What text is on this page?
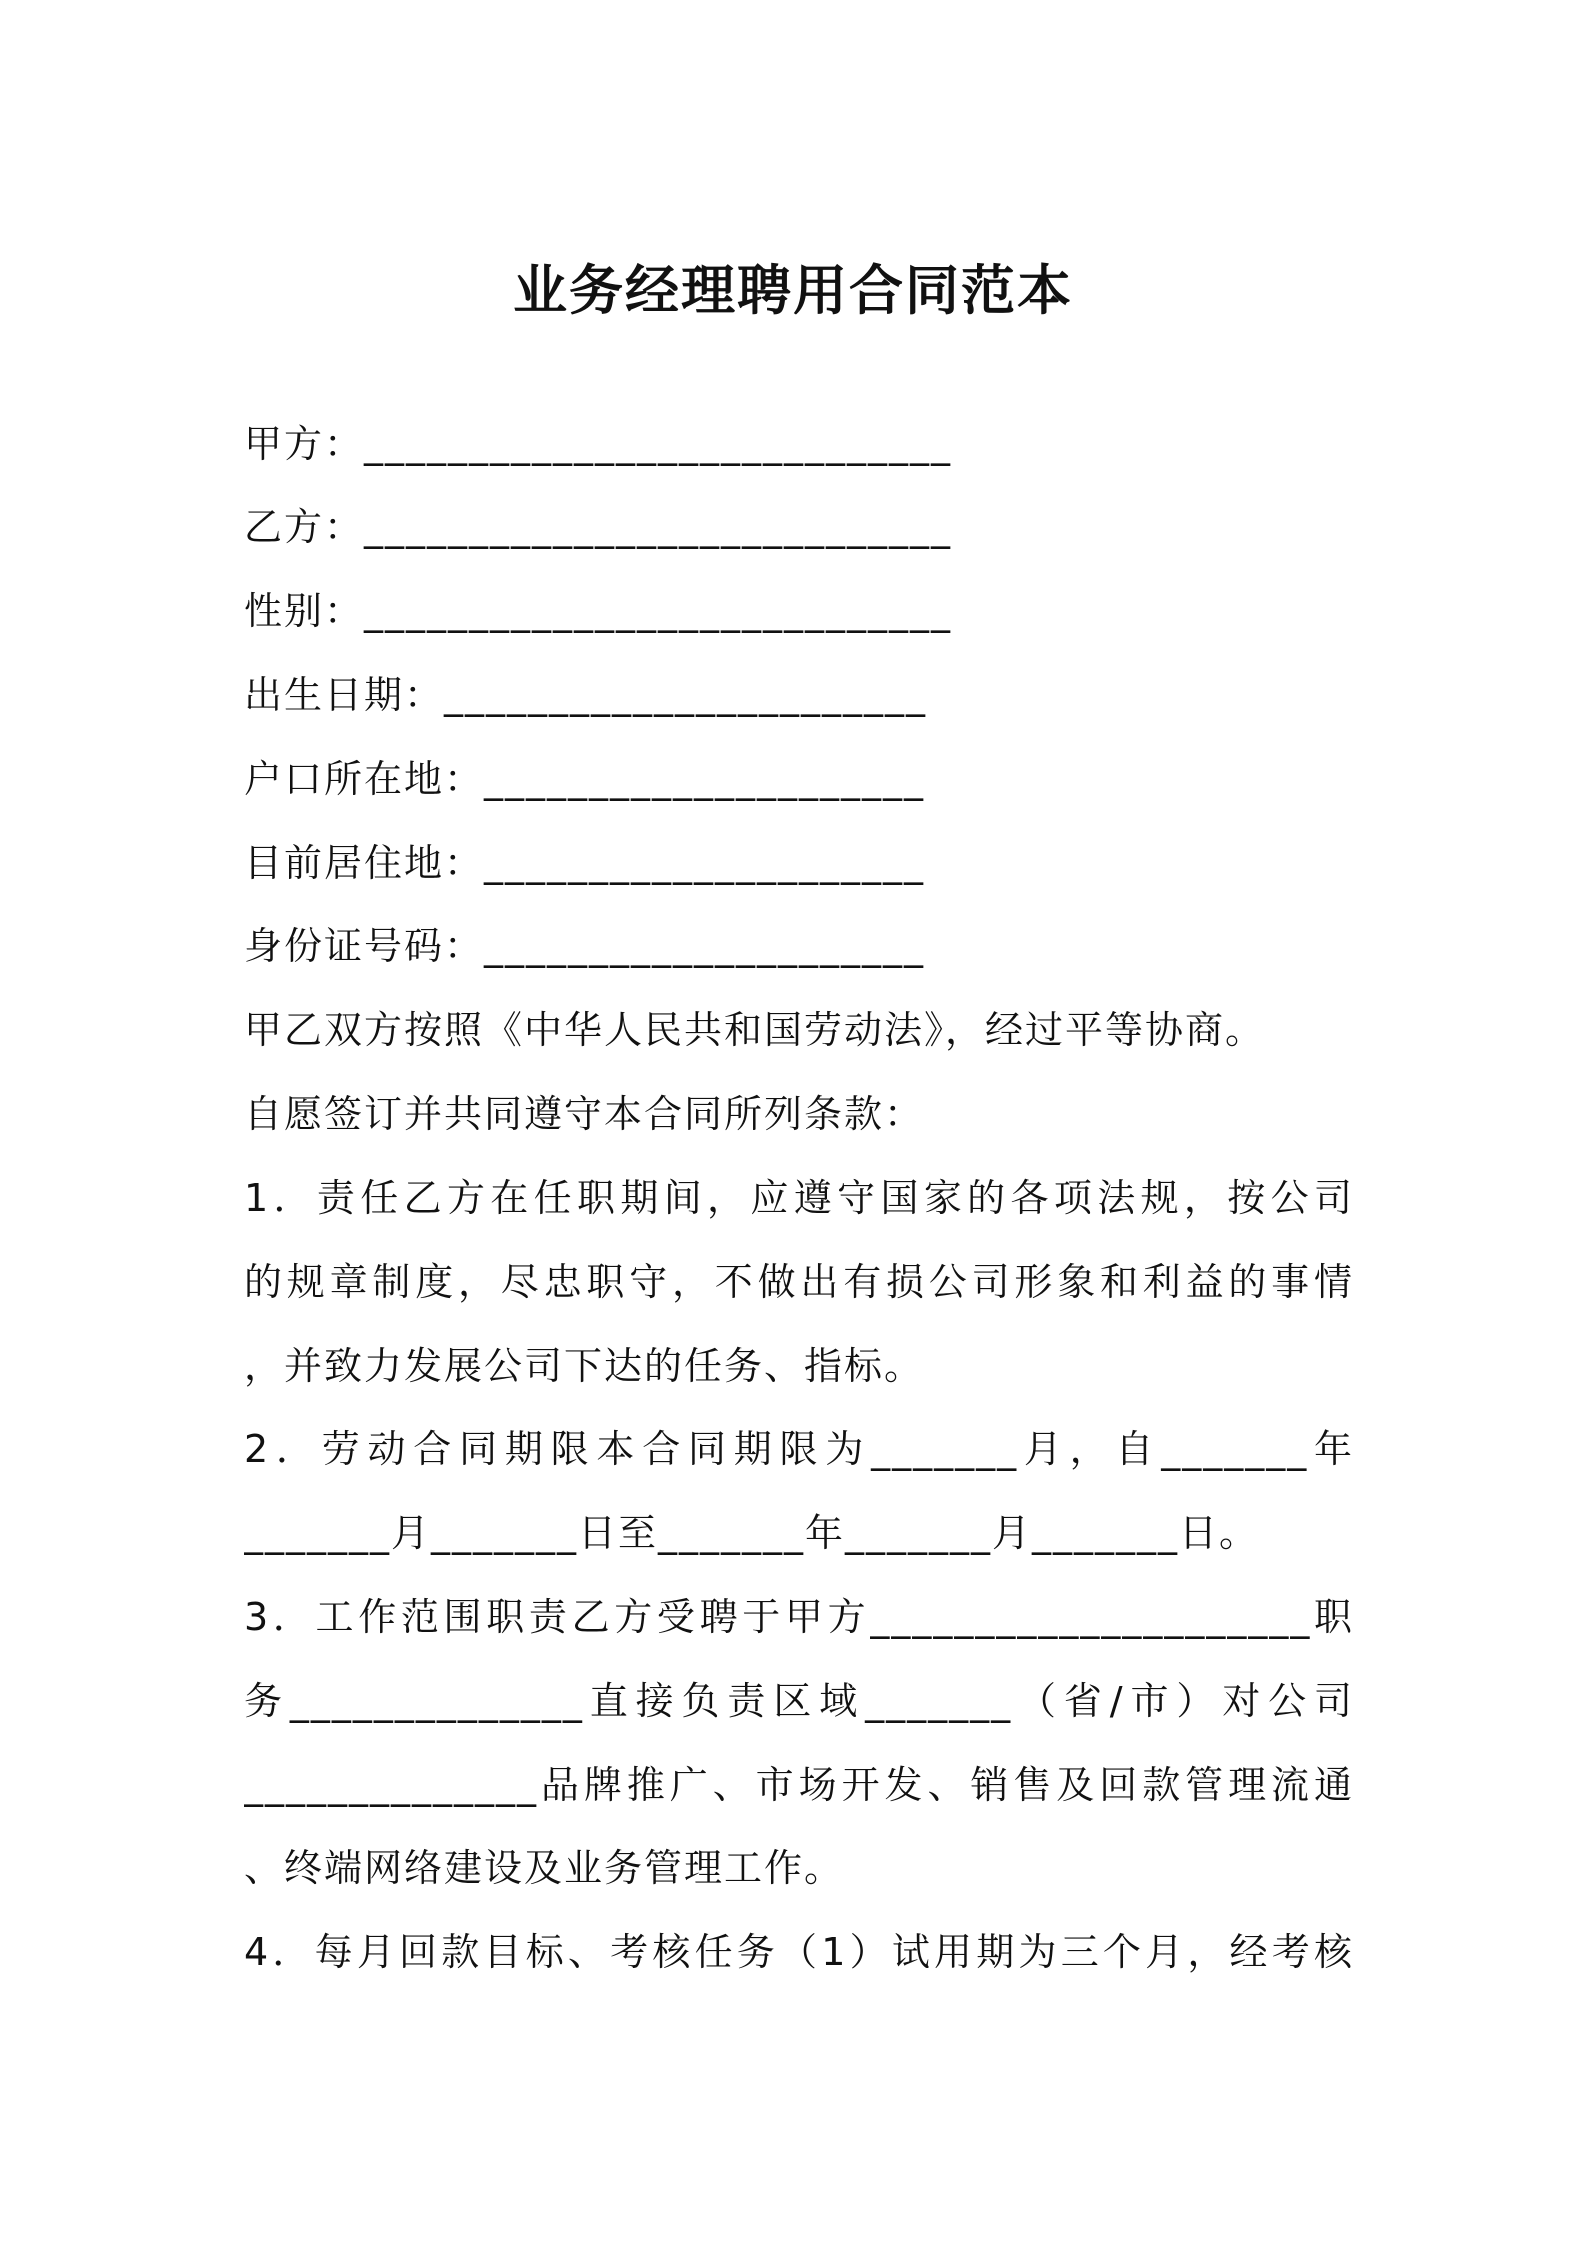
业务经理聘用合同范本
甲方：____________________________
乙方：____________________________
性别：____________________________
出生日期：_______________________
户口所在地：_____________________
目前居住地：_____________________
身份证号码：_____________________
甲乙双方按照《中华人民共和国劳动法》，经过平等协商。
自愿签订并共同遵守本合同所列条款：
1．责任乙方在任职期间，应遵守国家的各项法规，按公司
的规章制度，尽忠职守，不做出有损公司形象和利益的事情
，并致力发展公司下达的任务、指标。
2．劳动合同期限本合同期限为_______月，自_______年
_______月_______日至_______年_______月_______日。
3．工作范围职责乙方受聘于甲方_____________________职
务______________直接负责区域_______（省/市）对公司
______________品牌推广、市场开发、销售及回款管理流通
、终端网络建设及业务管理工作。
4．每月回款目标、考核任务（1）试用期为三个月，经考核
